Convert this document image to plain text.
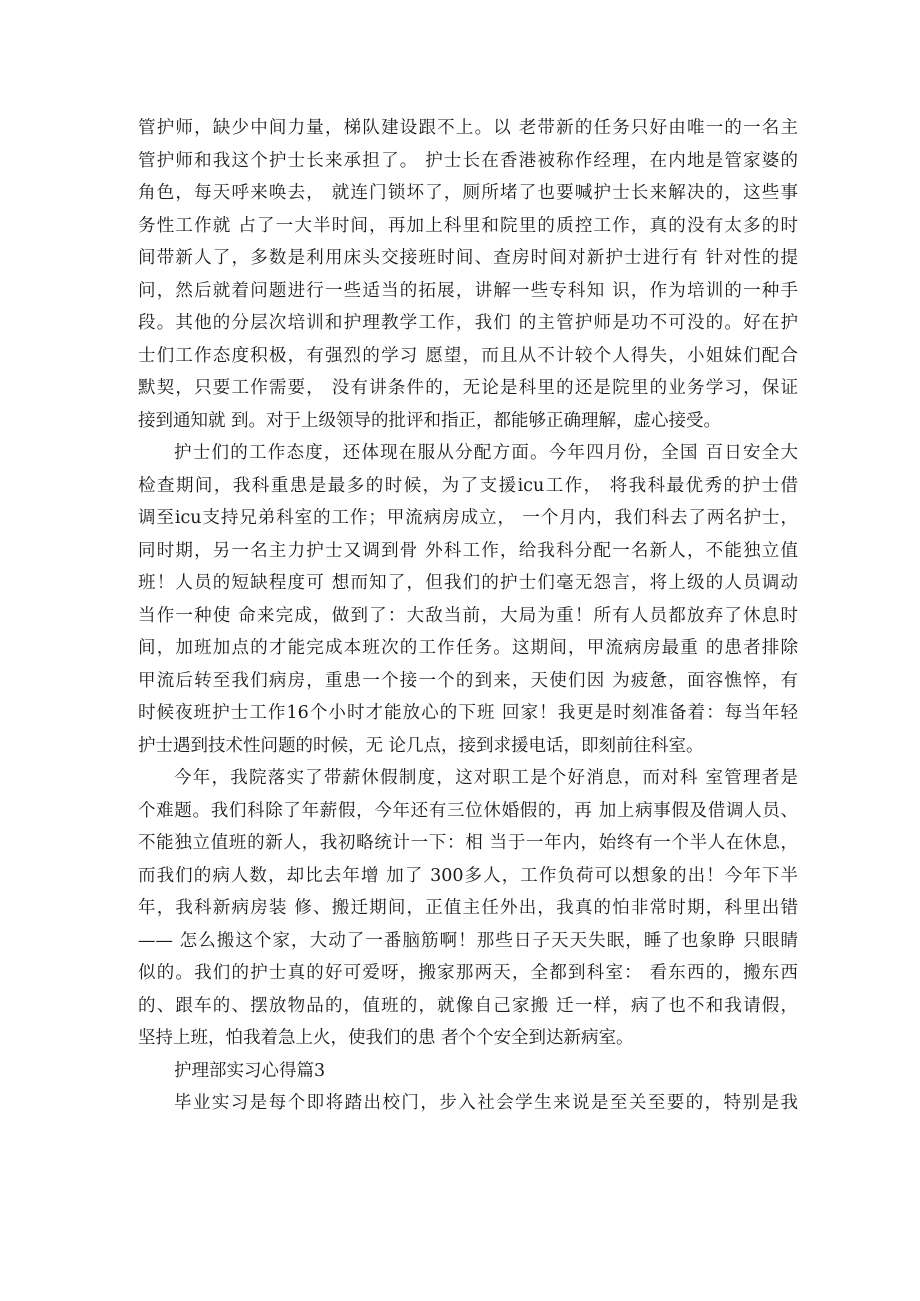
管护师，缺少中间力量，梯队建设跟不上。以 老带新的任务只好由唯一的一名主
管护师和我这个护士长来承担了。 护士长在香港被称作经理，在内地是管家婆的
角色，每天呼来唤去， 就连门锁坏了，厕所堵了也要喊护士长来解决的，这些事
务性工作就 占了一大半时间，再加上科里和院里的质控工作，真的没有太多的时
间带新人了，多数是利用床头交接班时间、查房时间对新护士进行有 针对性的提
问，然后就着问题进行一些适当的拓展，讲解一些专科知 识，作为培训的一种手
段。其他的分层次培训和护理教学工作，我们 的主管护师是功不可没的。好在护
士们工作态度积极，有强烈的学习 愿望，而且从不计较个人得失，小姐妹们配合
默契，只要工作需要， 没有讲条件的，无论是科里的还是院里的业务学习，保证
接到通知就 到。对于上级领导的批评和指正，都能够正确理解，虚心接受。
护士们的工作态度，还体现在服从分配方面。今年四月份，全国 百日安全大
检查期间，我科重患是最多的时候，为了支援icu工作， 将我科最优秀的护士借
调至icu支持兄弟科室的工作；甲流病房成立， 一个月内，我们科去了两名护士，
同时期，另一名主力护士又调到骨 外科工作，给我科分配一名新人，不能独立值
班！人员的短缺程度可 想而知了，但我们的护士们毫无怨言，将上级的人员调动
当作一种使 命来完成，做到了：大敌当前，大局为重！所有人员都放弃了休息时
间，加班加点的才能完成本班次的工作任务。这期间，甲流病房最重 的患者排除
甲流后转至我们病房，重患一个接一个的到来，天使们因 为疲惫，面容憔悴，有
时候夜班护士工作16个小时才能放心的下班 回家！我更是时刻准备着：每当年轻
护士遇到技术性问题的时候，无 论几点，接到求援电话，即刻前往科室。
今年，我院落实了带薪休假制度，这对职工是个好消息，而对科 室管理者是
个难题。我们科除了年薪假，今年还有三位休婚假的，再 加上病事假及借调人员、
不能独立值班的新人，我初略统计一下：相 当于一年内，始终有一个半人在休息，
而我们的病人数，却比去年增 加了 300多人，工作负荷可以想象的出！今年下半
年，我科新病房装 修、搬迁期间，正值主任外出，我真的怕非常时期，科里出错
—— 怎么搬这个家，大动了一番脑筋啊！那些日子天天失眠，睡了也象睁 只眼睛
似的。我们的护士真的好可爱呀，搬家那两天，全都到科室： 看东西的，搬东西
的、跟车的、摆放物品的，值班的，就像自己家搬 迁一样，病了也不和我请假，
坚持上班，怕我着急上火，使我们的患 者个个安全到达新病室。
护理部实习心得篇3
毕业实习是每个即将踏出校门，步入社会学生来说是至关至要的，特别是我
